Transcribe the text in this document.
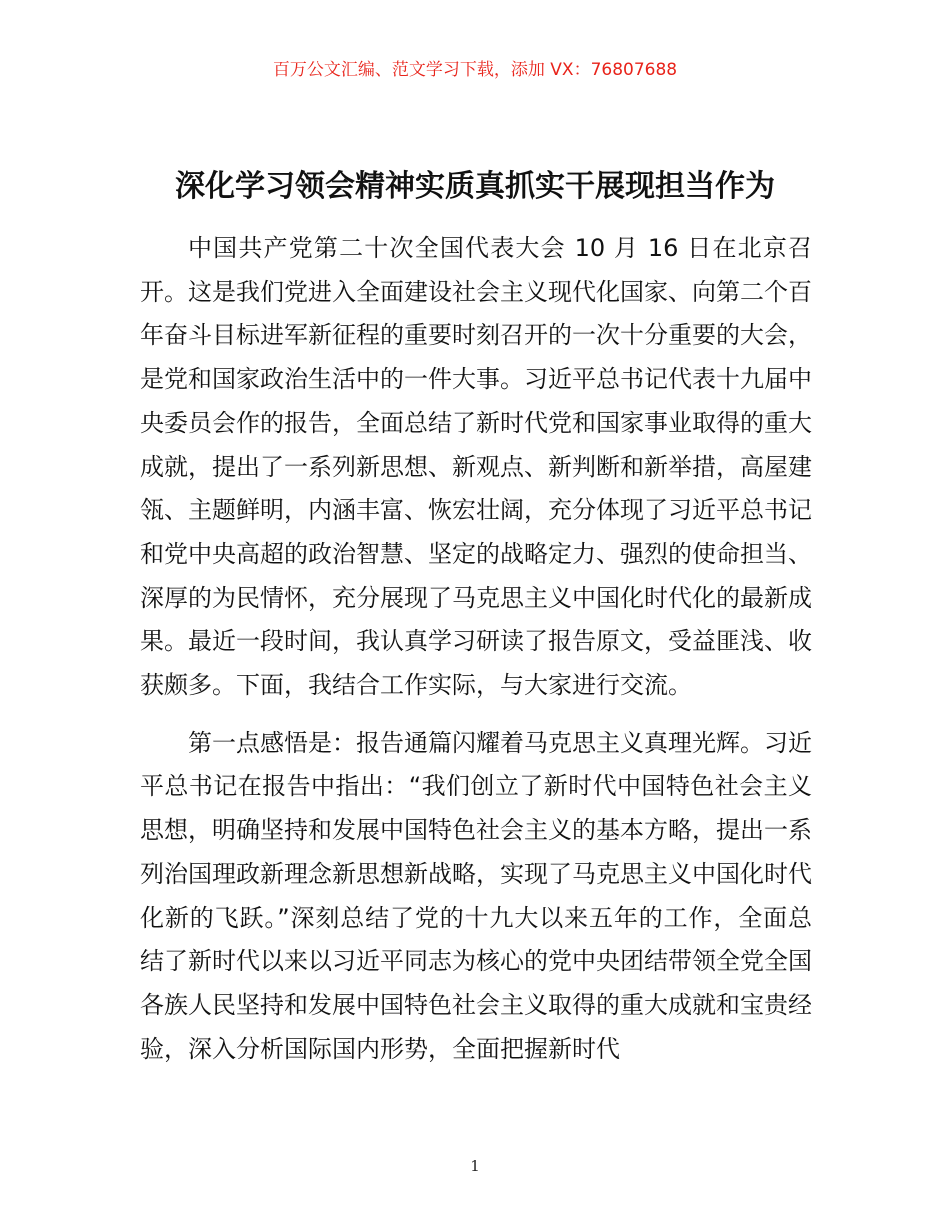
百万公文汇编、范文学习下载，添加 VX：76807688
深化学习领会精神实质真抓实干展现担当作为

中国共产党第二十次全国代表大会 10 月 16 日在北京召开。这是我们党进入全面建设社会主义现代化国家、向第二个百年奋斗目标进军新征程的重要时刻召开的一次十分重要的大会，是党和国家政治生活中的一件大事。习近平总书记代表十九届中央委员会作的报告，全面总结了新时代党和国家事业取得的重大成就，提出了一系列新思想、新观点、新判断和新举措，高屋建瓴、主题鲜明，内涵丰富、恢宏壮阔，充分体现了习近平总书记和党中央高超的政治智慧、坚定的战略定力、强烈的使命担当、深厚的为民情怀，充分展现了马克思主义中国化时代化的最新成果。最近一段时间，我认真学习研读了报告原文，受益匪浅、收获颇多。下面，我结合工作实际，与大家进行交流。

第一点感悟是：报告通篇闪耀着马克思主义真理光辉。习近平总书记在报告中指出：“我们创立了新时代中国特色社会主义思想，明确坚持和发展中国特色社会主义的基本方略，提出一系列治国理政新理念新思想新战略，实现了马克思主义中国化时代化新的飞跃。”深刻总结了党的十九大以来五年的工作，全面总结了新时代以来以习近平同志为核心的党中央团结带领全党全国各族人民坚持和发展中国特色社会主义取得的重大成就和宝贵经验，深入分析国际国内形势，全面把握新时代

1
